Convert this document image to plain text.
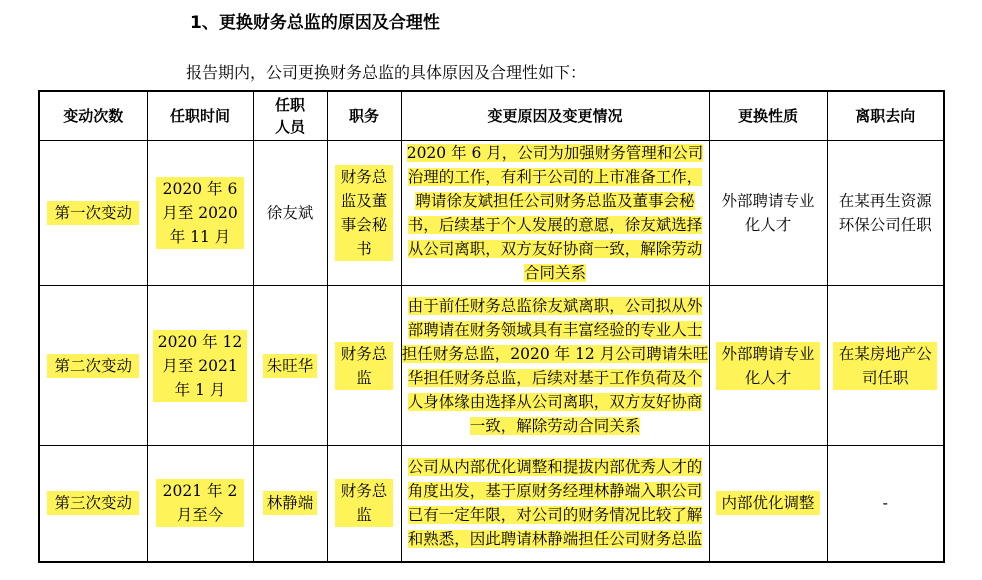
1、更换财务总监的原因及合理性
报告期内，公司更换财务总监的具体原因及合理性如下：
变动次数	任职时间	任职人员	职务	变更原因及变更情况	更换性质	离职去向
第一次变动	2020 年 6 月至 2020 年 11 月	徐友斌	财务总监及董事会秘书	2020 年 6 月，公司为加强财务管理和公司治理的工作，有利于公司的上市准备工作，聘请徐友斌担任公司财务总监及董事会秘书，后续基于个人发展的意愿，徐友斌选择从公司离职，双方友好协商一致，解除劳动合同关系	外部聘请专业化人才	在某再生资源环保公司任职
第二次变动	2020 年 12 月至 2021 年 1 月	朱旺华	财务总监	由于前任财务总监徐友斌离职，公司拟从外部聘请在财务领域具有丰富经验的专业人士担任财务总监，2020 年 12 月公司聘请朱旺华担任财务总监，后续对基于工作负荷及个人身体缘由选择从公司离职，双方友好协商一致，解除劳动合同关系	外部聘请专业化人才	在某房地产公司任职
第三次变动	2021 年 2 月至今	林静端	财务总监	公司从内部优化调整和提拔内部优秀人才的角度出发，基于原财务经理林静端入职公司已有一定年限，对公司的财务情况比较了解和熟悉，因此聘请林静端担任公司财务总监	内部优化调整	-
